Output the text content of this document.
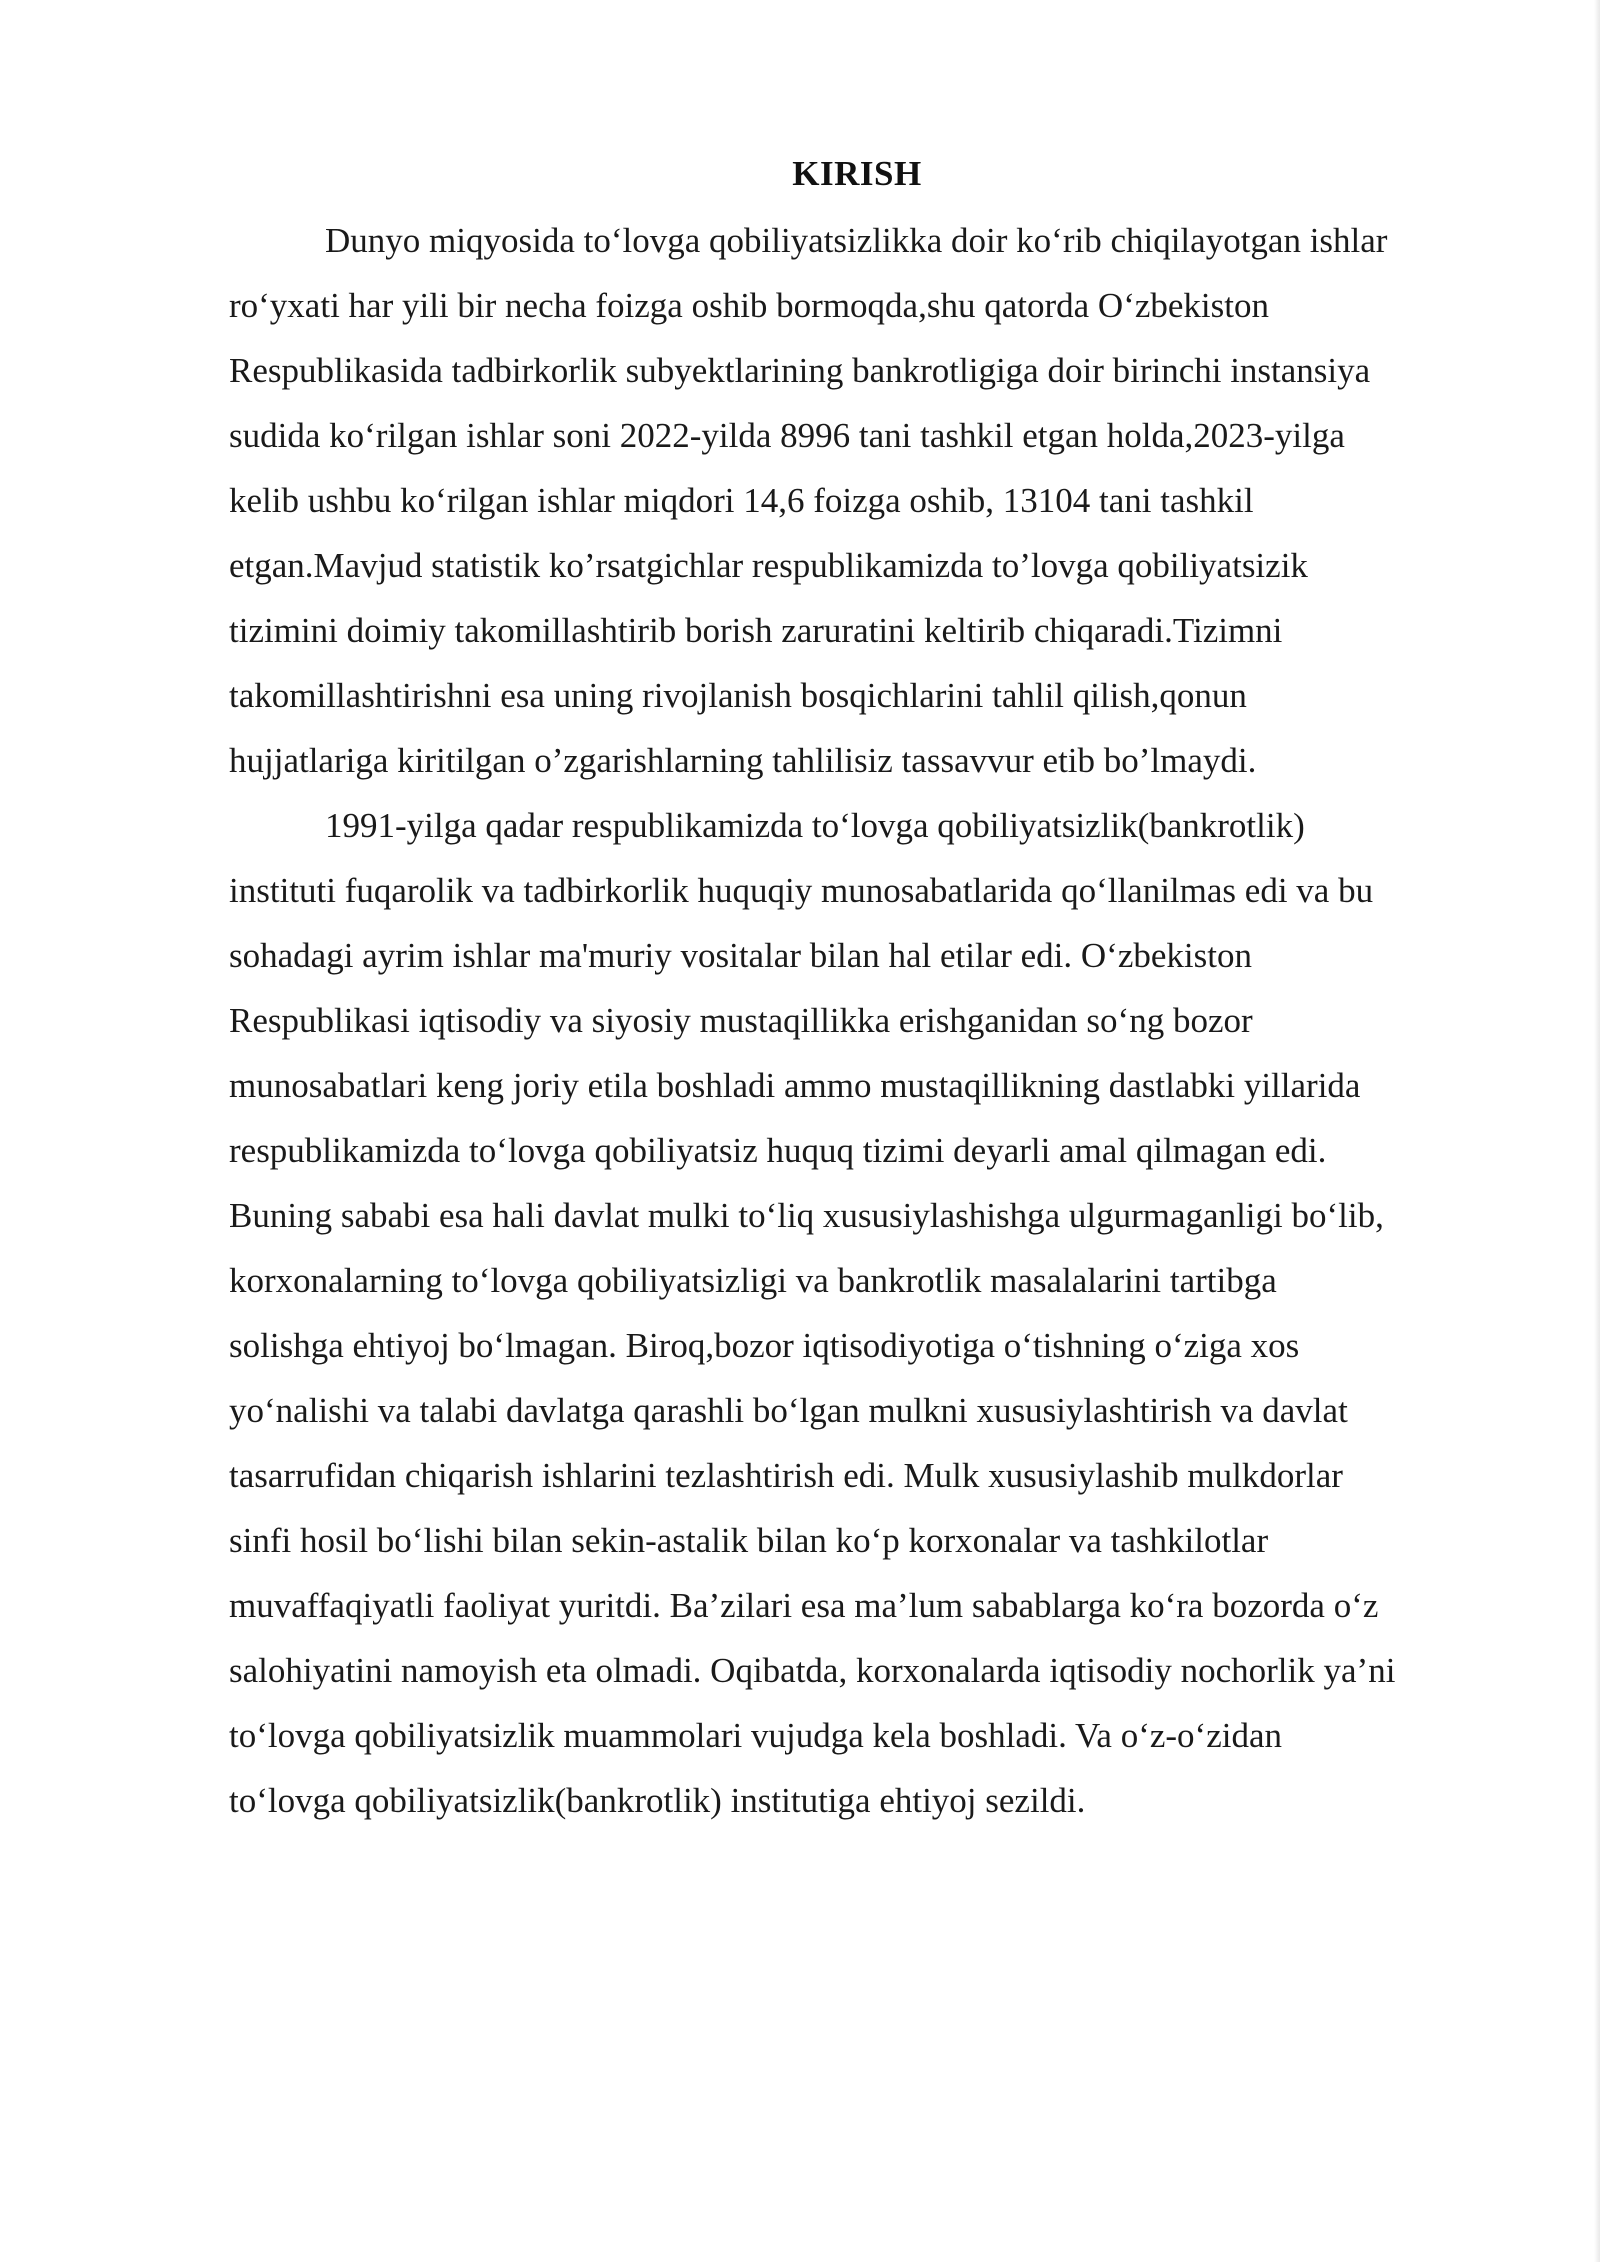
KIRISH
Dunyo miqyosida to‘lovga qobiliyatsizlikka doir ko‘rib chiqilayotgan ishlar
ro‘yxati har yili bir necha foizga oshib bormoqda,shu qatorda O‘zbekiston
Respublikasida tadbirkorlik subyektlarining bankrotligiga doir birinchi instansiya
sudida ko‘rilgan ishlar soni 2022-yilda 8996 tani tashkil etgan holda,2023-yilga
kelib ushbu ko‘rilgan ishlar miqdori 14,6 foizga oshib, 13104 tani tashkil
etgan.Mavjud statistik ko’rsatgichlar respublikamizda to’lovga qobiliyatsizik
tizimini doimiy takomillashtirib borish zaruratini keltirib chiqaradi.Tizimni
takomillashtirishni esa uning rivojlanish bosqichlarini tahlil qilish,qonun
hujjatlariga kiritilgan o’zgarishlarning tahlilisiz tassavvur etib bo’lmaydi.
1991-yilga qadar respublikamizda to‘lovga qobiliyatsizlik(bankrotlik)
instituti fuqarolik va tadbirkorlik huquqiy munosabatlarida qo‘llanilmas edi va bu
sohadagi ayrim ishlar ma'muriy vositalar bilan hal etilar edi. O‘zbekiston
Respublikasi iqtisodiy va siyosiy mustaqillikka erishganidan so‘ng bozor
munosabatlari keng joriy etila boshladi ammo mustaqillikning dastlabki yillarida
respublikamizda to‘lovga qobiliyatsiz huquq tizimi deyarli amal qilmagan edi.
Buning sababi esa hali davlat mulki to‘liq xususiylashishga ulgurmaganligi bo‘lib,
korxonalarning to‘lovga qobiliyatsizligi va bankrotlik masalalarini tartibga
solishga ehtiyoj bo‘lmagan. Biroq,bozor iqtisodiyotiga o‘tishning o‘ziga xos
yo‘nalishi va talabi davlatga qarashli bo‘lgan mulkni xususiylashtirish va davlat
tasarrufidan chiqarish ishlarini tezlashtirish edi. Mulk xususiylashib mulkdorlar
sinfi hosil bo‘lishi bilan sekin-astalik bilan ko‘p korxonalar va tashkilotlar
muvaffaqiyatli faoliyat yuritdi. Ba’zilari esa ma’lum sabablarga ko‘ra bozorda o‘z
salohiyatini namoyish eta olmadi. Oqibatda, korxonalarda iqtisodiy nochorlik ya’ni
to‘lovga qobiliyatsizlik muammolari vujudga kela boshladi. Va o‘z-o‘zidan
to‘lovga qobiliyatsizlik(bankrotlik) institutiga ehtiyoj sezildi.
